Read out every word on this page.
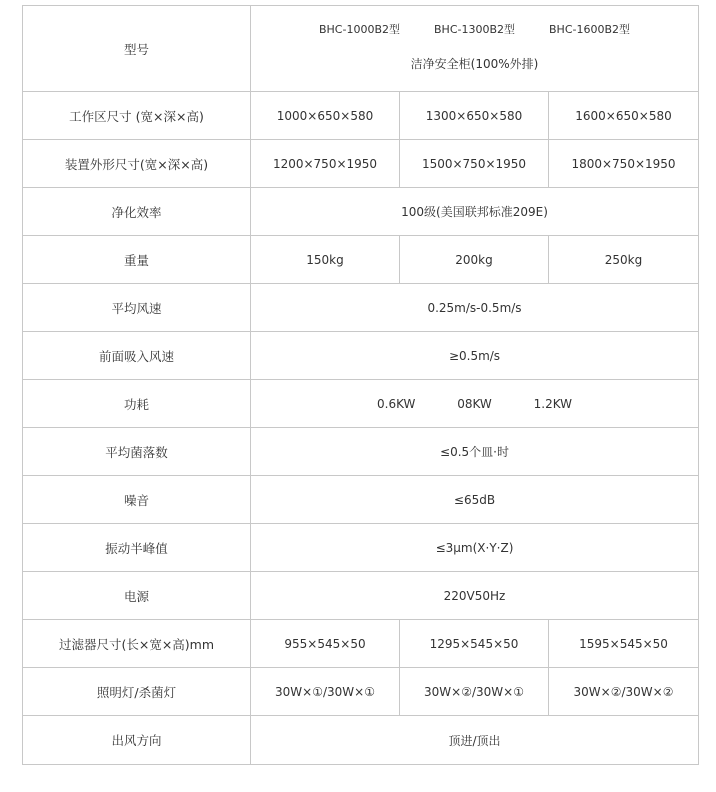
型号	BHC-1000B2型 BHC-1300B2型 BHC-1600B2型
洁净安全柜(100%外排)		

工作区尺寸 (宽×深×高)	1000×650×580	1300×650×580	1600×650×580
装置外形尺寸(宽×深×高)	1200×750×1950	1500×750×1950	1800×750×1950
净化效率	100级(美国联邦标准209E)		
重量	150kg	200kg	250kg
平均风速	0.25m/s-0.5m/s		
前面吸入风速	≥0.5m/s		
功耗	0.6KW 08KW 1.2KW		
平均菌落数	≤0.5个皿·时		
噪音	≤65dB		
振动半峰值	≤3μm(X·Y·Z)		
电源	220V50Hz		
过滤器尺寸(长×宽×高)mm	955×545×50	1295×545×50	1595×545×50
照明灯/杀菌灯	30W×①/30W×①	30W×②/30W×①	30W×②/30W×②
出风方向	顶进/顶出		
